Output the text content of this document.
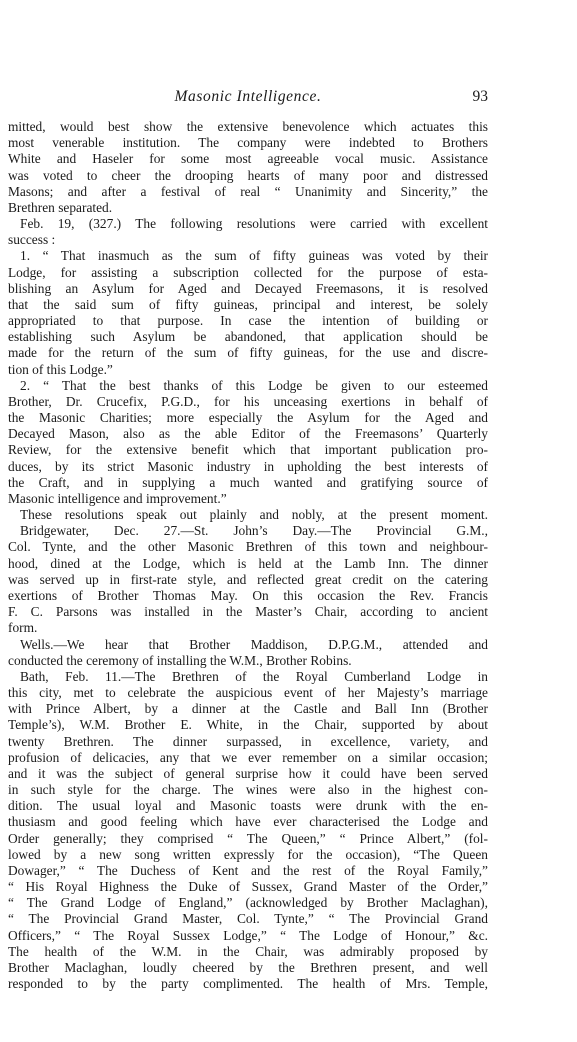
Masonic Intelligence.	93
mitted, would best show the extensive benevolence which actuates this
most venerable institution. The company were indebted to Brothers
White and Haseler for some most agreeable vocal music. Assistance
was voted to cheer the drooping hearts of many poor and distressed
Masons; and after a festival of real “ Unanimity and Sincerity,” the
Brethren separated.
Feb. 19, (327.) The following resolutions were carried with excellent
success :
1. “ That inasmuch as the sum of fifty guineas was voted by their
Lodge, for assisting a subscription collected for the purpose of esta-
blishing an Asylum for Aged and Decayed Freemasons, it is resolved
that the said sum of fifty guineas, principal and interest, be solely
appropriated to that purpose. In case the intention of building or
establishing such Asylum be abandoned, that application should be
made for the return of the sum of fifty guineas, for the use and discre-
tion of this Lodge.”
2. “ That the best thanks of this Lodge be given to our esteemed
Brother, Dr. Crucefix, P.G.D., for his unceasing exertions in behalf of
the Masonic Charities; more especially the Asylum for the Aged and
Decayed Mason, also as the able Editor of the Freemasons’ Quarterly
Review, for the extensive benefit which that important publication pro-
duces, by its strict Masonic industry in upholding the best interests of
the Craft, and in supplying a much wanted and gratifying source of
Masonic intelligence and improvement.”
These resolutions speak out plainly and nobly, at the present moment.
Bridgewater, Dec. 27.—St. John’s Day.—The Provincial G.M.,
Col. Tynte, and the other Masonic Brethren of this town and neighbour-
hood, dined at the Lodge, which is held at the Lamb Inn. The dinner
was served up in first-rate style, and reflected great credit on the catering
exertions of Brother Thomas May. On this occasion the Rev. Francis
F. C. Parsons was installed in the Master’s Chair, according to ancient
form.
Wells.—We hear that Brother Maddison, D.P.G.M., attended and
conducted the ceremony of installing the W.M., Brother Robins.
Bath, Feb. 11.—The Brethren of the Royal Cumberland Lodge in
this city, met to celebrate the auspicious event of her Majesty’s marriage
with Prince Albert, by a dinner at the Castle and Ball Inn (Brother
Temple’s), W.M. Brother E. White, in the Chair, supported by about
twenty Brethren. The dinner surpassed, in excellence, variety, and
profusion of delicacies, any that we ever remember on a similar occasion;
and it was the subject of general surprise how it could have been served
in such style for the charge. The wines were also in the highest con-
dition. The usual loyal and Masonic toasts were drunk with the en-
thusiasm and good feeling which have ever characterised the Lodge and
Order generally; they comprised “ The Queen,” “ Prince Albert,” (fol-
lowed by a new song written expressly for the occasion), “The Queen
Dowager,” “ The Duchess of Kent and the rest of the Royal Family,”
“ His Royal Highness the Duke of Sussex, Grand Master of the Order,”
“ The Grand Lodge of England,” (acknowledged by Brother Maclaghan),
“ The Provincial Grand Master, Col. Tynte,” “ The Provincial Grand
Officers,” “ The Royal Sussex Lodge,” “ The Lodge of Honour,” &c.
The health of the W.M. in the Chair, was admirably proposed by
Brother Maclaghan, loudly cheered by the Brethren present, and well
responded to by the party complimented. The health of Mrs. Temple,
